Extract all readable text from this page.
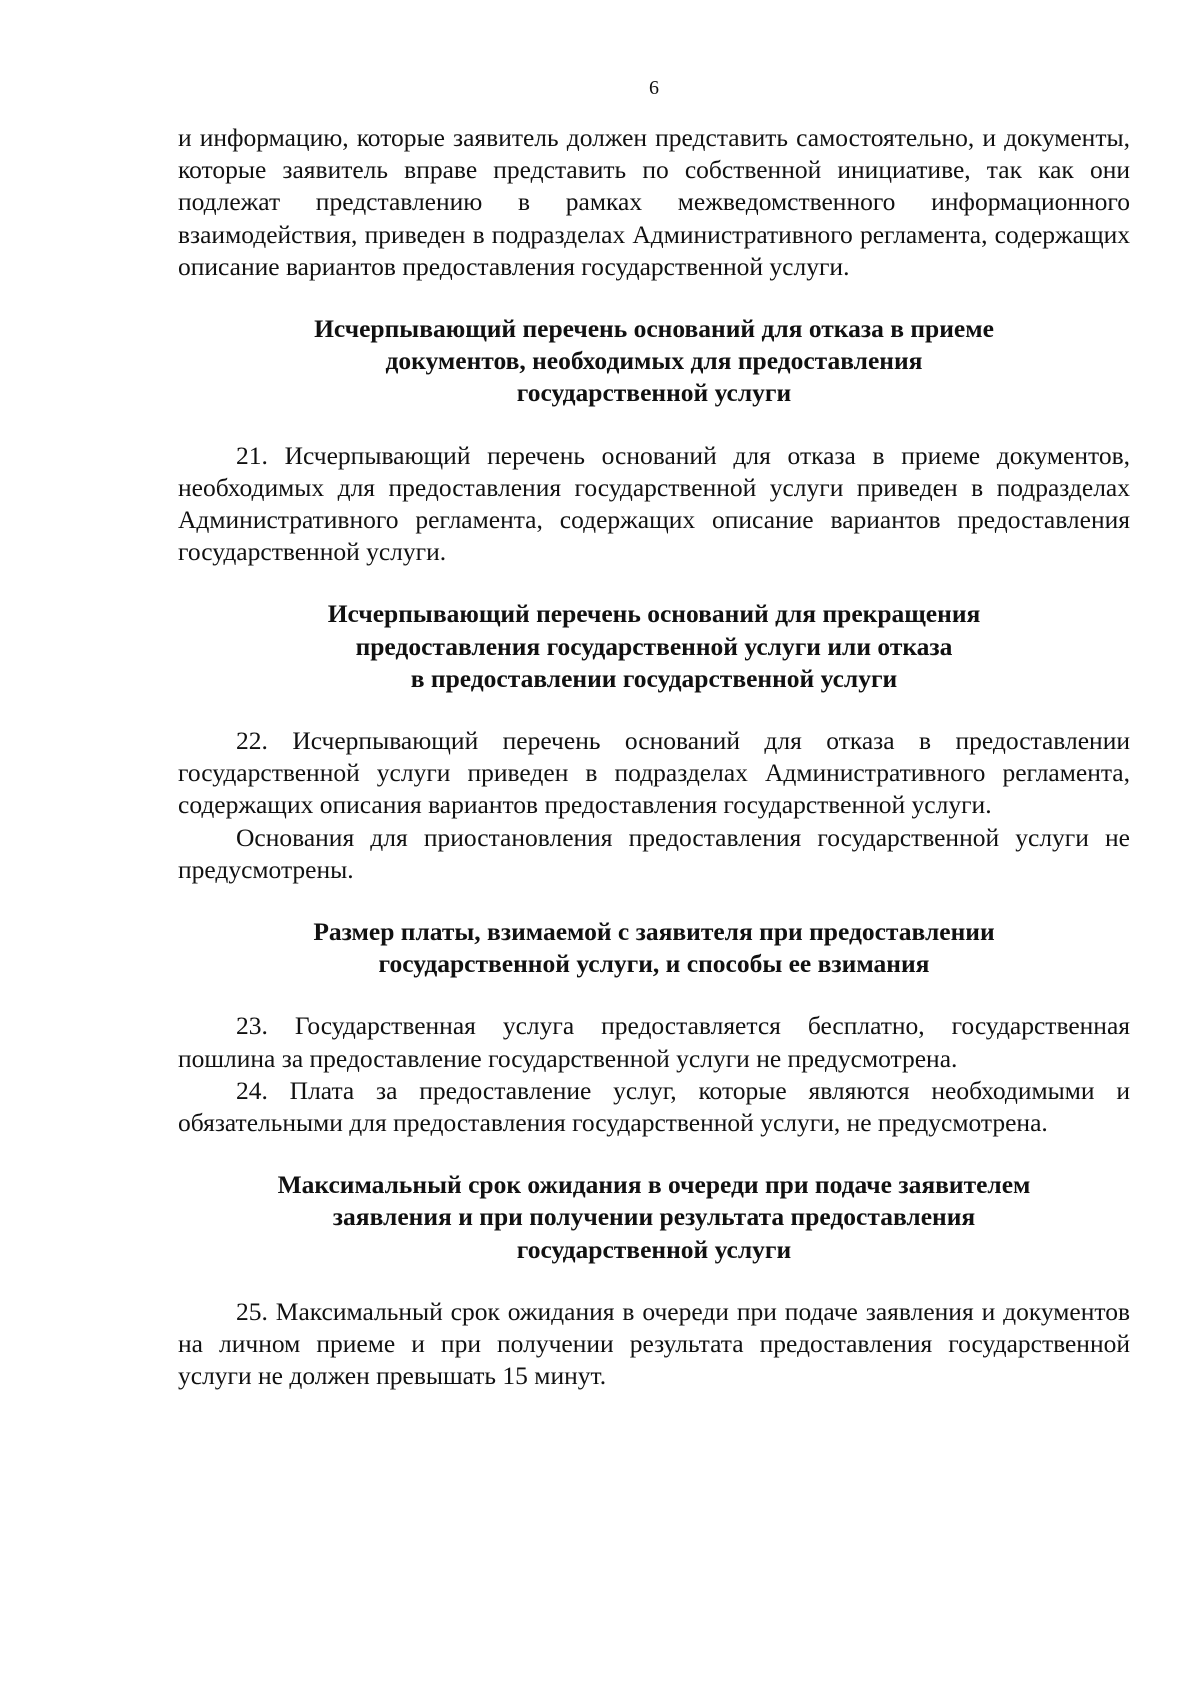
6

и информацию, которые заявитель должен представить самостоятельно, и документы, которые заявитель вправе представить по собственной инициативе, так как они подлежат представлению в рамках межведомственного информационного взаимодействия, приведен в подразделах Административного регламента, содержащих описание вариантов предоставления государственной услуги.

Исчерпывающий перечень оснований для отказа в приеме
документов, необходимых для предоставления
государственной услуги

21. Исчерпывающий перечень оснований для отказа в приеме документов, необходимых для предоставления государственной услуги приведен в подразделах Административного регламента, содержащих описание вариантов предоставления государственной услуги.

Исчерпывающий перечень оснований для прекращения
предоставления государственной услуги или отказа
в предоставлении государственной услуги

22. Исчерпывающий перечень оснований для отказа в предоставлении государственной услуги приведен в подразделах Административного регламента, содержащих описания вариантов предоставления государственной услуги.

Основания для приостановления предоставления государственной услуги не предусмотрены.

Размер платы, взимаемой с заявителя при предоставлении
государственной услуги, и способы ее взимания

23. Государственная услуга предоставляется бесплатно, государственная пошлина за предоставление государственной услуги не предусмотрена.

24. Плата за предоставление услуг, которые являются необходимыми и обязательными для предоставления государственной услуги, не предусмотрена.

Максимальный срок ожидания в очереди при подаче заявителем
заявления и при получении результата предоставления
государственной услуги

25. Максимальный срок ожидания в очереди при подаче заявления и документов на личном приеме и при получении результата предоставления государственной услуги не должен превышать 15 минут.
